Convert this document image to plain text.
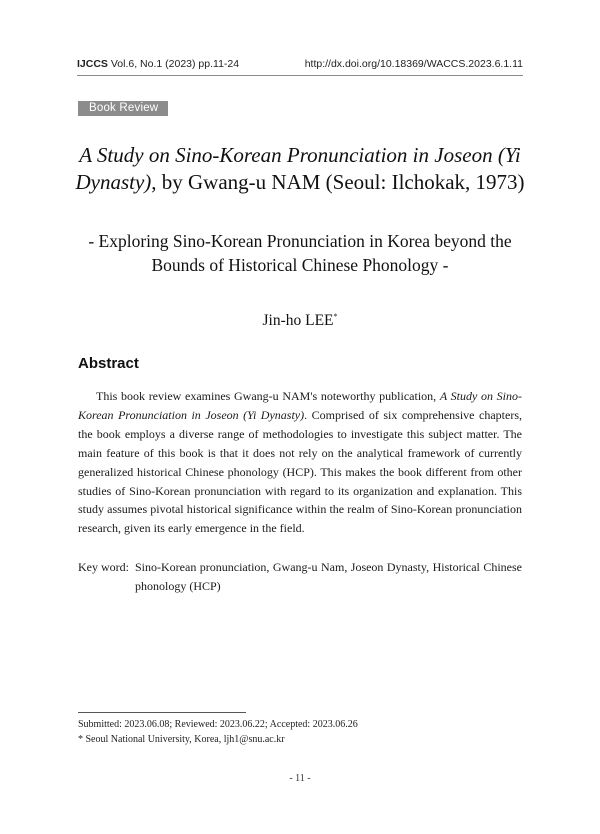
IJCCS Vol.6, No.1 (2023) pp.11-24	http://dx.doi.org/10.18369/WACCS.2023.6.1.11
Book Review
A Study on Sino-Korean Pronunciation in Joseon (Yi Dynasty), by Gwang-u NAM (Seoul: Ilchokak, 1973)
- Exploring Sino-Korean Pronunciation in Korea beyond the Bounds of Historical Chinese Phonology -
Jin-ho LEE*
Abstract
This book review examines Gwang-u NAM's noteworthy publication, A Study on Sino-Korean Pronunciation in Joseon (Yi Dynasty). Comprised of six comprehensive chapters, the book employs a diverse range of methodologies to investigate this subject matter. The main feature of this book is that it does not rely on the analytical framework of currently generalized historical Chinese phonology (HCP). This makes the book different from other studies of Sino-Korean pronunciation with regard to its organization and explanation. This study assumes pivotal historical significance within the realm of Sino-Korean pronunciation research, given its early emergence in the field.
Key word: Sino-Korean pronunciation, Gwang-u Nam, Joseon Dynasty, Historical Chinese phonology (HCP)
Submitted: 2023.06.08; Reviewed: 2023.06.22; Accepted: 2023.06.26
* Seoul National University, Korea, ljh1@snu.ac.kr
- 11 -
